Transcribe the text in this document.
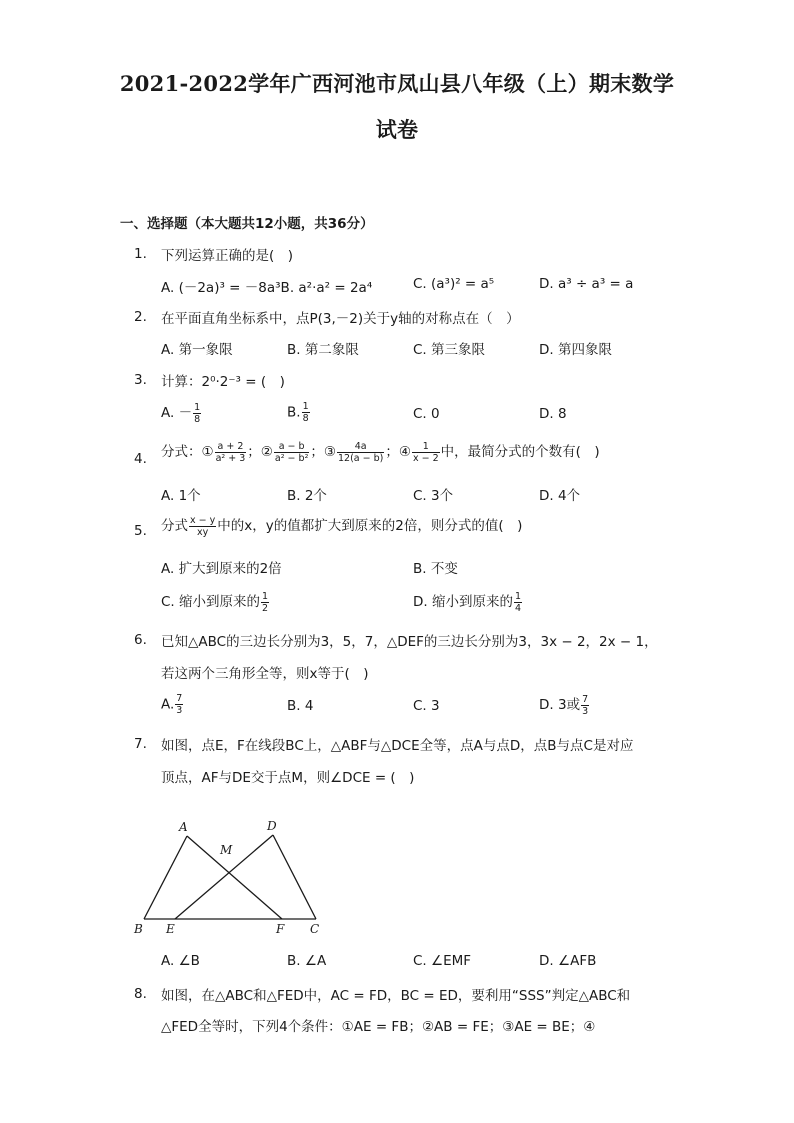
2021-2022学年广西河池市凤山县八年级（上）期末数学
试卷
一、选择题（本大题共12小题，共36分）
1. 下列运算正确的是(　)
A. (－2a)³ = －8a³B. a²·a² = 2a⁴	C. (a³)² = a⁵	D. a³ ÷ a³ = a
2. 在平面直角坐标系中，点P(3,－2)关于y轴的对称点在（　）
A. 第一象限	B. 第二象限	C. 第三象限	D. 第四象限
3. 计算：2⁰·2⁻³ = (　)
A. － $\frac{1}{8}$	B. $\frac{1}{8}$	C. 0	D. 8
4. 分式：① $\frac{a + 2}{\text{a² + 3}}$ ；② $\frac{a - b}{\text{a² − b²}}$ ；③ $\frac{4a}{12(a - b)}$ ；④ $\frac{1}{x - 2}$ 中，最简分式的个数有(　)
A. 1个	B. 2个	C. 3个	D. 4个
5. 分式 $\frac{x - y}{xy}$ 中的x，y的值都扩大到原来的2倍，则分式的值(　)
A. 扩大到原来的2倍	B. 不变
C. 缩小到原来的 $\frac{1}{2}$	D. 缩小到原来的 $\frac{1}{4}$
6. 已知△ABC的三边长分别为3，5，7，△DEF的三边长分别为3，3x − 2，2x − 1，
若这两个三角形全等，则x等于(　)
A. $\frac{7}{3}$	B. 4	C. 3	D. 3或 $\frac{7}{3}$
7. 如图，点E，F在线段BC上，△ABF与△DCE全等，点A与点D，点B与点C是对应
顶点，AF与DE交于点M，则∠DCE = (　)
A	D
M
B E	F C
A. ∠B	B. ∠A	C. ∠EMF	D. ∠AFB
8. 如图，在△ABC和△FED中，AC = FD，BC = ED，要利用“SSS”判定△ABC和
△FED全等时，下列4个条件：①AE = FB；②AB = FE；③AE = BE；④
